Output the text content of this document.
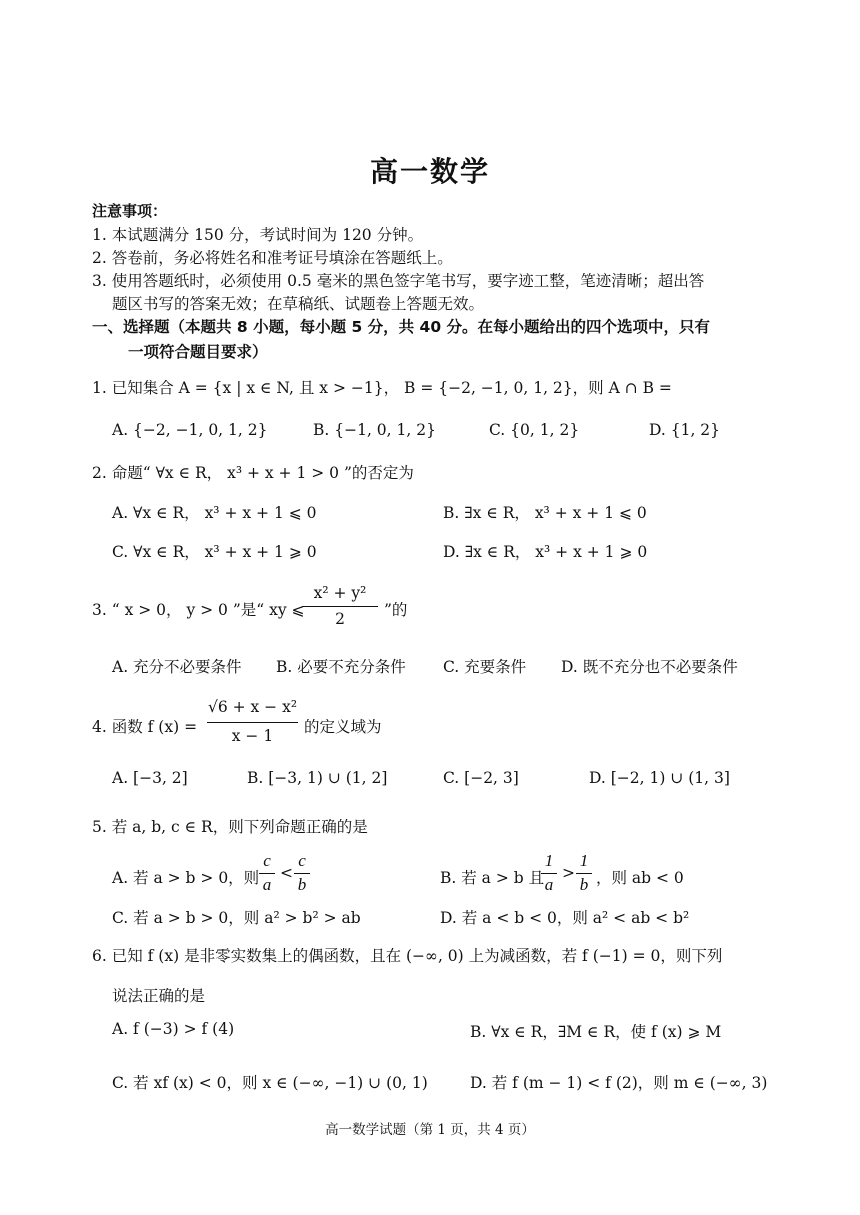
高一数学
注意事项：
1. 本试题满分 150 分，考试时间为 120 分钟。
2. 答卷前，务必将姓名和准考证号填涂在答题纸上。
3. 使用答题纸时，必须使用 0.5 毫米的黑色签字笔书写，要字迹工整，笔迹清晰；超出答
题区书写的答案无效；在草稿纸、试题卷上答题无效。
一、选择题（本题共 8 小题，每小题 5 分，共 40 分。在每小题给出的四个选项中，只有
一项符合题目要求）
1. 已知集合 A = {x | x ∈ N, 且 x > −1}， B = {−2, −1, 0, 1, 2}，则 A ∩ B =
A. {−2, −1, 0, 1, 2}	B. {−1, 0, 1, 2}	C. {0, 1, 2}	D. {1, 2}
2. 命题“ ∀x ∈ R， x³ + x + 1 > 0 ”的否定为
A. ∀x ∈ R， x³ + x + 1 ⩽ 0	B. ∃x ∈ R， x³ + x + 1 ⩽ 0
C. ∀x ∈ R， x³ + x + 1 ⩾ 0	D. ∃x ∈ R， x³ + x + 1 ⩾ 0
3. “ x > 0， y > 0 ”是“ xy ⩽
x² + y²
2	”的
A. 充分不必要条件 B. 必要不充分条件 C. 充要条件 D. 既不充分也不必要条件
4. 函数 f (x) =
√6 + x − x²
x − 1	的定义域为
A. [−3, 2]	B. [−3, 1) ∪ (1, 2]	C. [−2, 3]	D. [−2, 1) ∪ (1, 3]
5. 若 a, b, c ∈ R，则下列命题正确的是
A. 若 a > b > 0，则
c
a
<
c
b	B. 若 a > b 且
1
a
>
1
b ，则 ab < 0
C. 若 a > b > 0，则 a² > b² > ab	D. 若 a < b < 0，则 a² < ab < b²
6. 已知 f (x) 是非零实数集上的偶函数，且在 (−∞, 0) 上为减函数，若 f (−1) = 0，则下列
说法正确的是
A. f (−3) > f (4)	B. ∀x ∈ R，∃M ∈ R，使 f (x) ⩾ M
C. 若 xf (x) < 0，则 x ∈ (−∞, −1) ∪ (0, 1)	D. 若 f (m − 1) < f (2)，则 m ∈ (−∞, 3)
高一数学试题（第 1 页，共 4 页）
